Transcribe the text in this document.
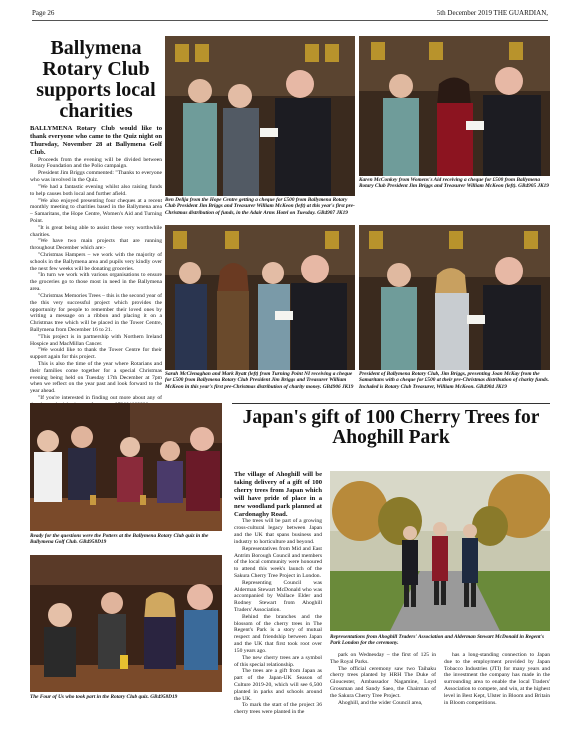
Page 26	5th December 2019 THE GUARDIAN,
Ballymena Rotary Club supports local charities
BALLYMENA Rotary Club would like to thank everyone who came to the Quiz night on Thursday, November 28 at Ballymena Golf Club.

Proceeds from the evening will be divided between Rotary Foundation and the Polio campaign.

President Jim Briggs commented: "Thanks to everyone who was involved in the Quiz.

"We had a fantastic evening whilst also raising funds to help causes both local and further afield.

"We also enjoyed presenting four cheques at a recent monthly meeting to charities based in the Ballymena area – Samaritans, the Hope Centre, Women's Aid and Turning Point.

"It is great being able to assist these very worthwhile charities.

"We have two main projects that are running throughout December which are:-

"Christmas Hampers – we work with the majority of schools in the Ballymena area and pupils very kindly over the next few weeks will be donating groceries.

"In turn we work with various organisations to ensure the groceries go to those most in need in the Ballymena area.

"Christmas Memories Trees – this is the second year of the this very successful project which provides the opportunity for people to remember their loved ones by writing a message on a ribbon and placing it on a Christmas tree which will be placed in the Tower Centre, Ballymena from December 16 to 21.

"This project is in partnership with Northern Ireland Hospice and MacMillan Cancer.

"We would like to thank the Tower Centre for their support again for this project.

This is also the time of the year where Rotarians and their families come together for a special Christmas evening being held on Tuesday 17th December at 7pm when we reflect on the year past and look forward to the year ahead.

"If you're interested in finding out more about any of

Ben Delija from the Hope Centre getting a cheque for £500 from Ballymena Rotary Club President Jim Briggs and Treasurer William McKeon (left) at this year's first pre-Christmas distribution of funds, in the Adair Arms Hotel on Tuesday. GB4907 JK19
Karen McConkey from Womens's Aid receiving a cheque for £500 from Ballymena Rotary Club President Jim Briggs and Treasurer William McKeon (left). GB4905 JK19
Sarah McClenaghan and Mark Byatt (left) from Turning Point NI receiving a cheque for £500 from Ballymena Rotary Club President Jim Briggs and Treasurer William McKeon in this year's first pre-Christmas distribution of charity money. GB4906 JK19
President of Ballymena Rotary Club, Jim Briggs, presenting Joan McKay from the Samaritans with a cheque for £500 at their pre-Christmas distribution of charity funds. Included is Rotary Club Treasurer, William McKeon. GB4904 JK19
Ready for the questions were the Potters at the Ballymena Rotary Club quiz in the Ballymena Golf Club. GB4958D19
The Four of Us who took part in the Rotary Club quiz. GB4958D19
Japan's gift of 100 Cherry Trees for Ahoghill Park
The village of Ahoghill will be taking delivery of a gift of 100 cherry trees from Japan which will have pride of place in a new woodland park planned at Cardonaghy Road.

The trees will be part of a growing cross-cultural legacy between Japan and the UK that spans business and industry to horticulture and beyond.

Representatives from Mid and East Antrim Borough Council and members of the local community were honoured to attend this week's launch of the Sakura Cherry Tree Project in London.

Representing Council was Alderman Stewart McDonald who was accompanied by Wallace Elder and Rodney Stewart from Ahoghill Traders' Association.

Behind the branches and the blossom of the cherry trees in The Regent's Park is a story of mutual respect and friendship between Japan and the UK that first took root over 150 years ago.

The new cherry trees are a symbol of this special relationship.

The trees are a gift from Japan as part of the Japan-UK Season of Culture 2019-20, which will see 6,500 planted in parks and schools around the UK.

To mark the start of the project 36 cherry trees were planted in the

Representations from Ahoghill Traders' Association and Alderman Stewart McDonald in Regent's Park London for the ceremony.

park on Wednesday – the first of 125 in The Royal Parks.

The official ceremony saw two Taihaku cherry trees planted by HRH The Duke of Gloucester, Ambassador Nagamine, Loyd Grossman and Sandy Saeo, the Chairman of the Sakura Cherry Tree Project.

Ahoghill, and the wider Council area,

has a long-standing connection to Japan due to the employment provided by Japan Tobacco Industries (JTI) for many years and the investment the company has made in the surrounding area to enable the local Traders' Association to compete, and win, at the highest level in Best Kept, Ulster in Bloom and Britain in Bloom competitions.
